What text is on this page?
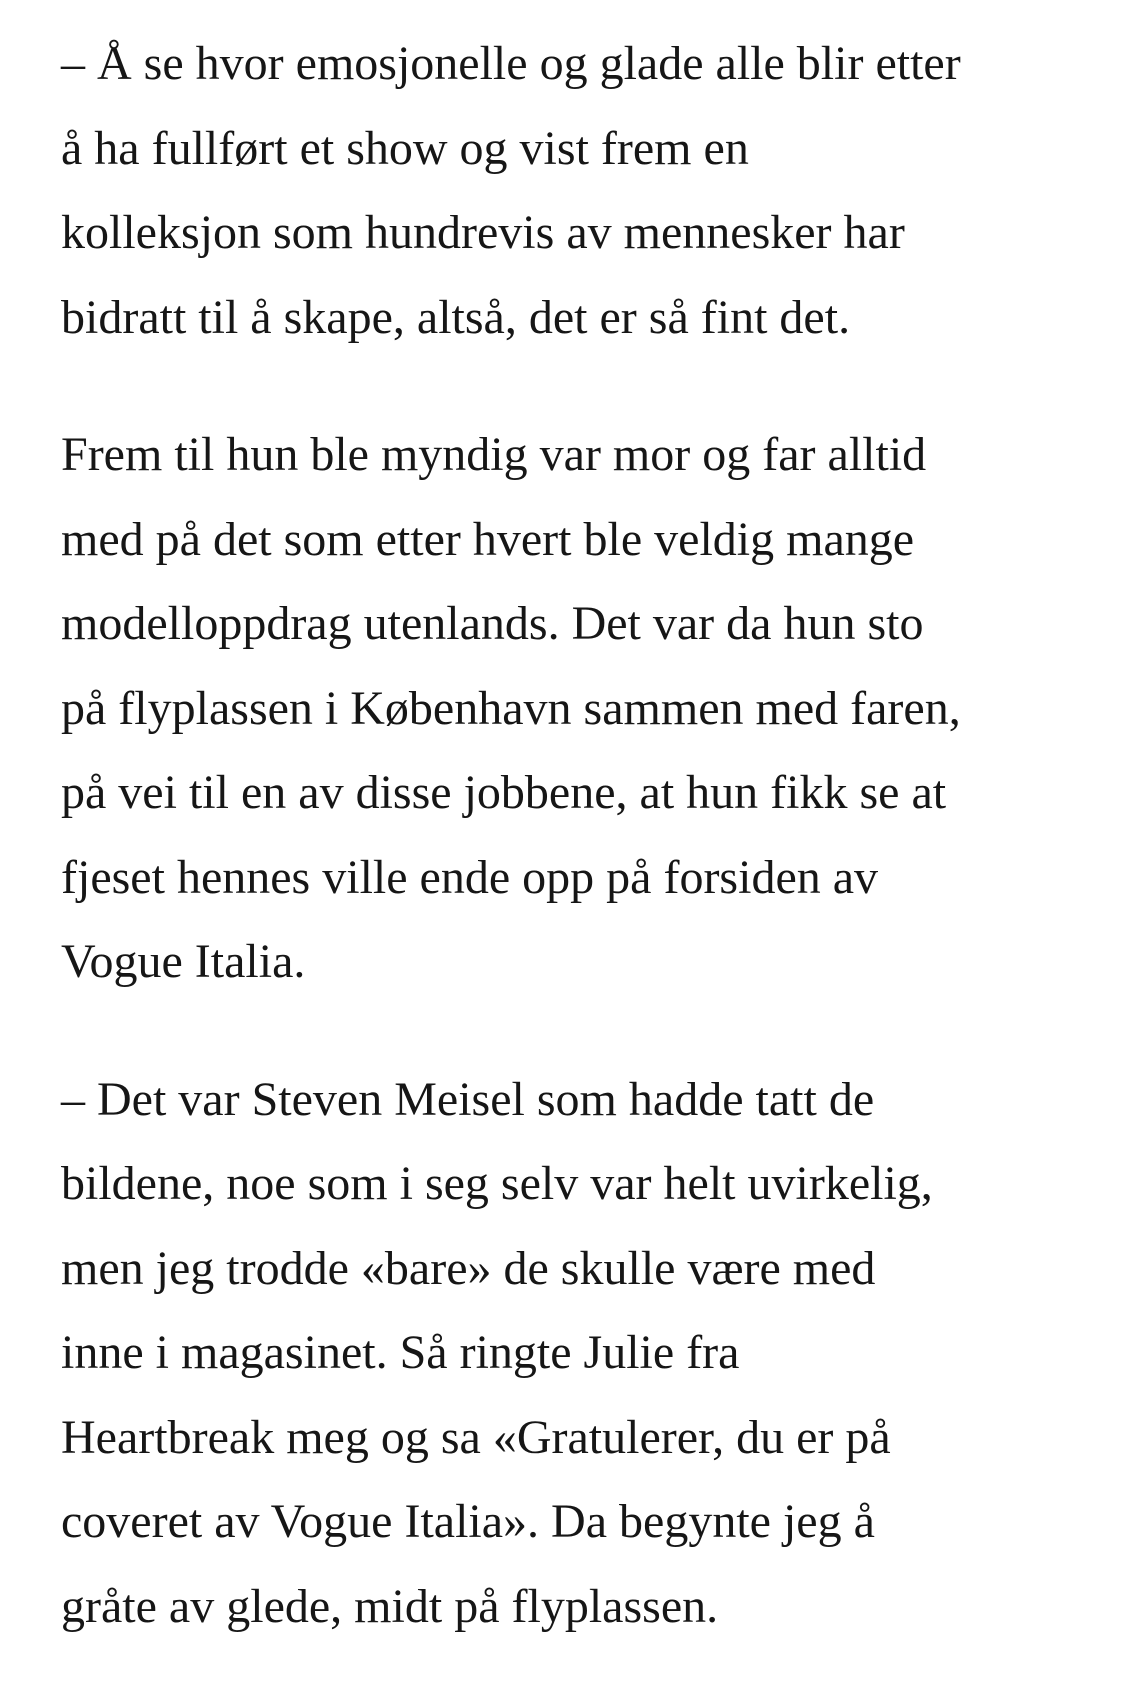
– Å se hvor emosjonelle og glade alle blir etter
å ha fullført et show og vist frem en
kolleksjon som hundrevis av mennesker har
bidratt til å skape, altså, det er så fint det.

Frem til hun ble myndig var mor og far alltid
med på det som etter hvert ble veldig mange
modelloppdrag utenlands. Det var da hun sto
på flyplassen i København sammen med faren,
på vei til en av disse jobbene, at hun fikk se at
fjeset hennes ville ende opp på forsiden av
Vogue Italia.

– Det var Steven Meisel som hadde tatt de
bildene, noe som i seg selv var helt uvirkelig,
men jeg trodde «bare» de skulle være med
inne i magasinet. Så ringte Julie fra
Heartbreak meg og sa «Gratulerer, du er på
coveret av Vogue Italia». Da begynte jeg å
gråte av glede, midt på flyplassen.
